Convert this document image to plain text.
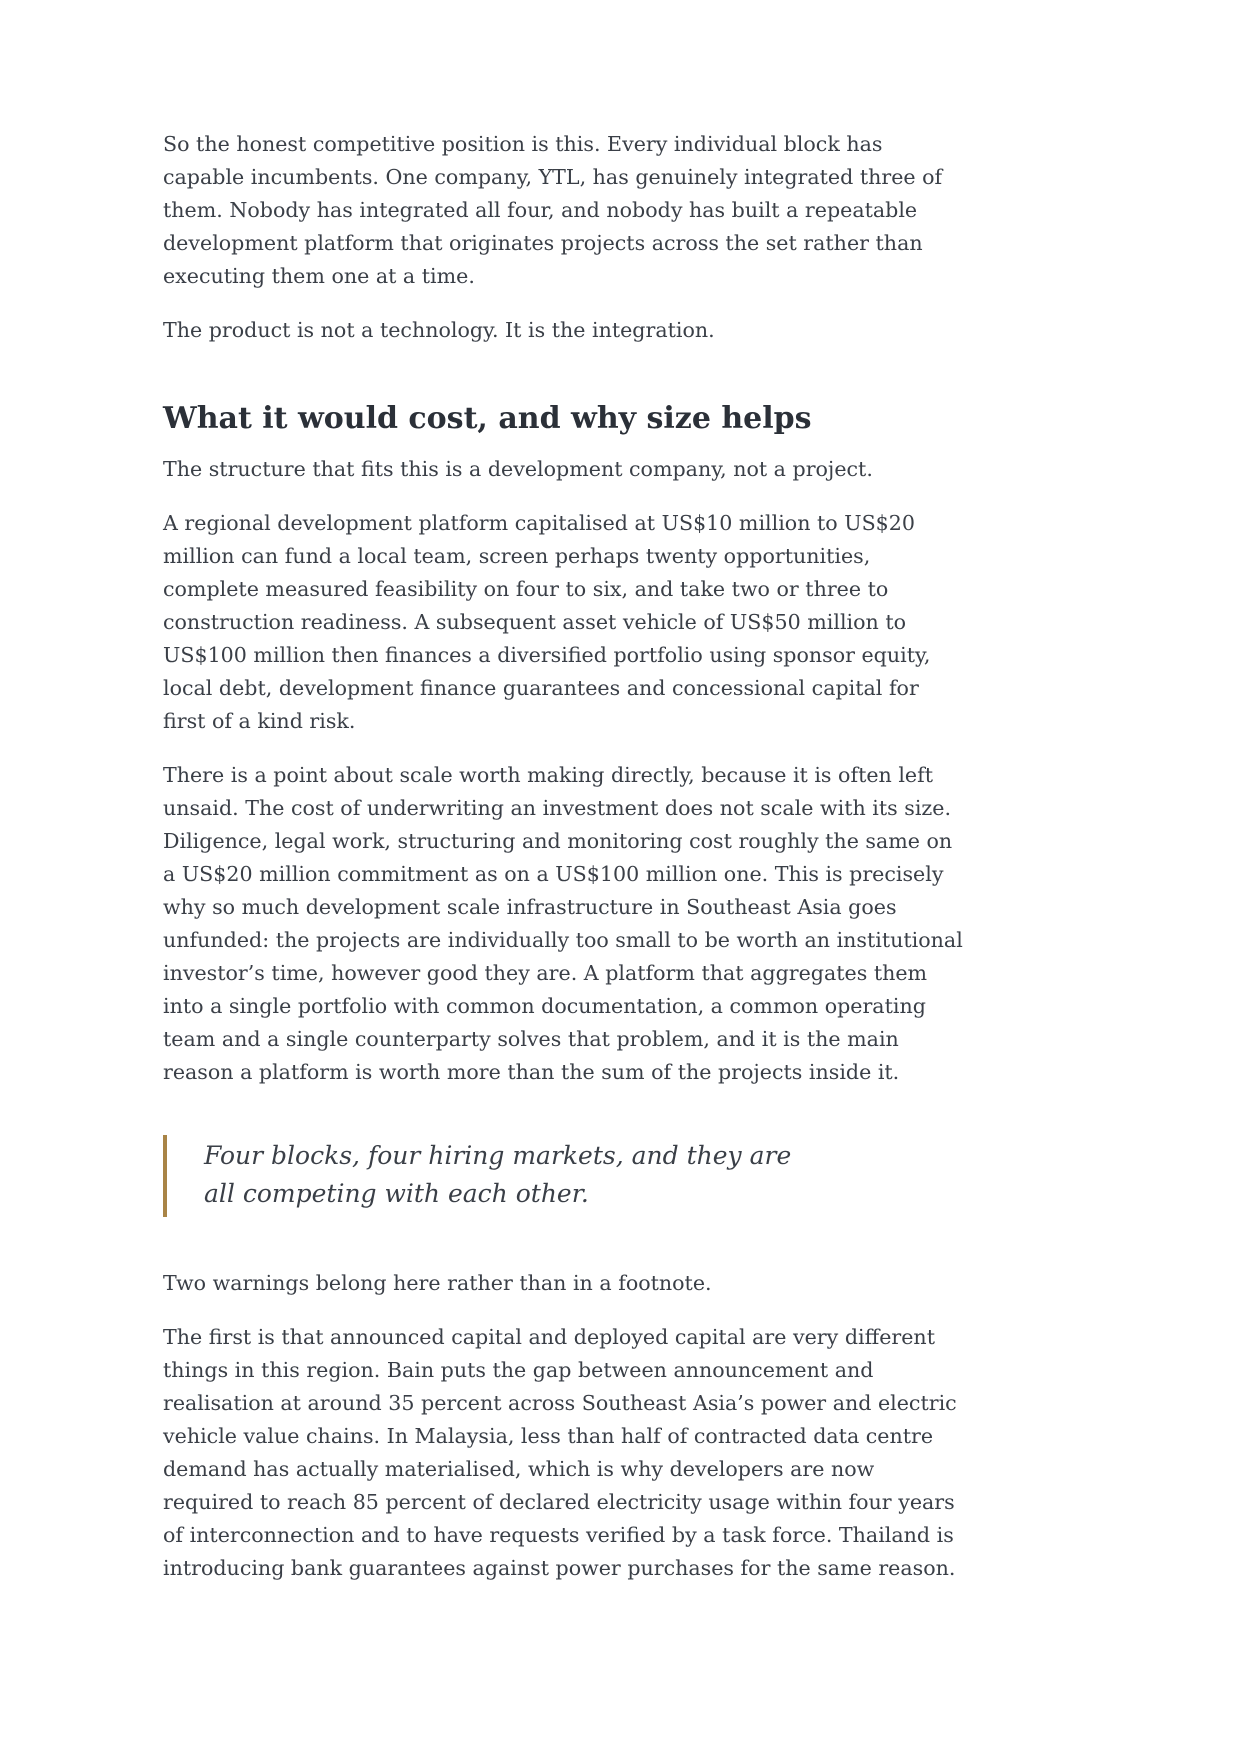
So the honest competitive position is this. Every individual block has capable incumbents. One company, YTL, has genuinely integrated three of them. Nobody has integrated all four, and nobody has built a repeatable development platform that originates projects across the set rather than executing them one at a time.

The product is not a technology. It is the integration.

What it would cost, and why size helps

The structure that fits this is a development company, not a project.

A regional development platform capitalised at US$10 million to US$20 million can fund a local team, screen perhaps twenty opportunities, complete measured feasibility on four to six, and take two or three to construction readiness. A subsequent asset vehicle of US$50 million to US$100 million then finances a diversified portfolio using sponsor equity, local debt, development finance guarantees and concessional capital for first of a kind risk.

There is a point about scale worth making directly, because it is often left unsaid. The cost of underwriting an investment does not scale with its size. Diligence, legal work, structuring and monitoring cost roughly the same on a US$20 million commitment as on a US$100 million one. This is precisely why so much development scale infrastructure in Southeast Asia goes unfunded: the projects are individually too small to be worth an institutional investor’s time, however good they are. A platform that aggregates them into a single portfolio with common documentation, a common operating team and a single counterparty solves that problem, and it is the main reason a platform is worth more than the sum of the projects inside it.

Four blocks, four hiring markets, and they are all competing with each other.

Two warnings belong here rather than in a footnote.

The first is that announced capital and deployed capital are very different things in this region. Bain puts the gap between announcement and realisation at around 35 percent across Southeast Asia’s power and electric vehicle value chains. In Malaysia, less than half of contracted data centre demand has actually materialised, which is why developers are now required to reach 85 percent of declared electricity usage within four years of interconnection and to have requests verified by a task force. Thailand is introducing bank guarantees against power purchases for the same reason.
